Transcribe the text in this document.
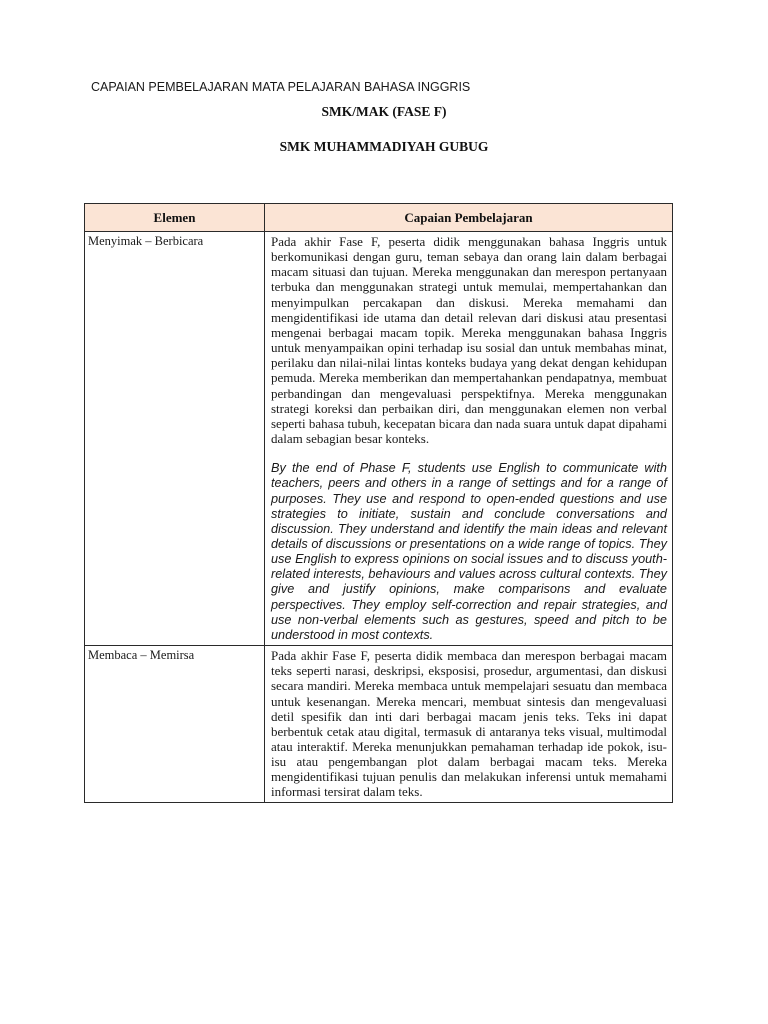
CAPAIAN PEMBELAJARAN MATA PELAJARAN BAHASA INGGRIS
SMK/MAK (FASE F)
SMK MUHAMMADIYAH GUBUG
Elemen	Capaian Pembelajaran
Menyimak – Berbicara	Pada akhir Fase F, peserta didik menggunakan bahasa Inggris untuk berkomunikasi dengan guru, teman sebaya dan orang lain dalam berbagai macam situasi dan tujuan. Mereka menggunakan dan merespon pertanyaan terbuka dan menggunakan strategi untuk memulai, mempertahankan dan menyimpulkan percakapan dan diskusi. Mereka memahami dan mengidentifikasi ide utama dan detail relevan dari diskusi atau presentasi mengenai berbagai macam topik. Mereka menggunakan bahasa Inggris untuk menyampaikan opini terhadap isu sosial dan untuk membahas minat, perilaku dan nilai-nilai lintas konteks budaya yang dekat dengan kehidupan pemuda. Mereka memberikan dan mempertahankan pendapatnya, membuat perbandingan dan mengevaluasi perspektifnya. Mereka menggunakan strategi koreksi dan perbaikan diri, dan menggunakan elemen non verbal seperti bahasa tubuh, kecepatan bicara dan nada suara untuk dapat dipahami dalam sebagian besar konteks.

By the end of Phase F, students use English to communicate with teachers, peers and others in a range of settings and for a range of purposes. They use and respond to open-ended questions and use strategies to initiate, sustain and conclude conversations and discussion. They understand and identify the main ideas and relevant details of discussions or presentations on a wide range of topics. They use English to express opinions on social issues and to discuss youth-related interests, behaviours and values across cultural contexts. They give and justify opinions, make comparisons and evaluate perspectives. They employ self-correction and repair strategies, and use non-verbal elements such as gestures, speed and pitch to be understood in most contexts.

Membaca – Memirsa	Pada akhir Fase F, peserta didik membaca dan merespon berbagai macam teks seperti narasi, deskripsi, eksposisi, prosedur, argumentasi, dan diskusi secara mandiri. Mereka membaca untuk mempelajari sesuatu dan membaca untuk kesenangan. Mereka mencari, membuat sintesis dan mengevaluasi detil spesifik dan inti dari berbagai macam jenis teks. Teks ini dapat berbentuk cetak atau digital, termasuk di antaranya teks visual, multimodal atau interaktif. Mereka menunjukkan pemahaman terhadap ide pokok, isu-isu atau pengembangan plot dalam berbagai macam teks. Mereka mengidentifikasi tujuan penulis dan melakukan inferensi untuk memahami informasi tersirat dalam teks.
